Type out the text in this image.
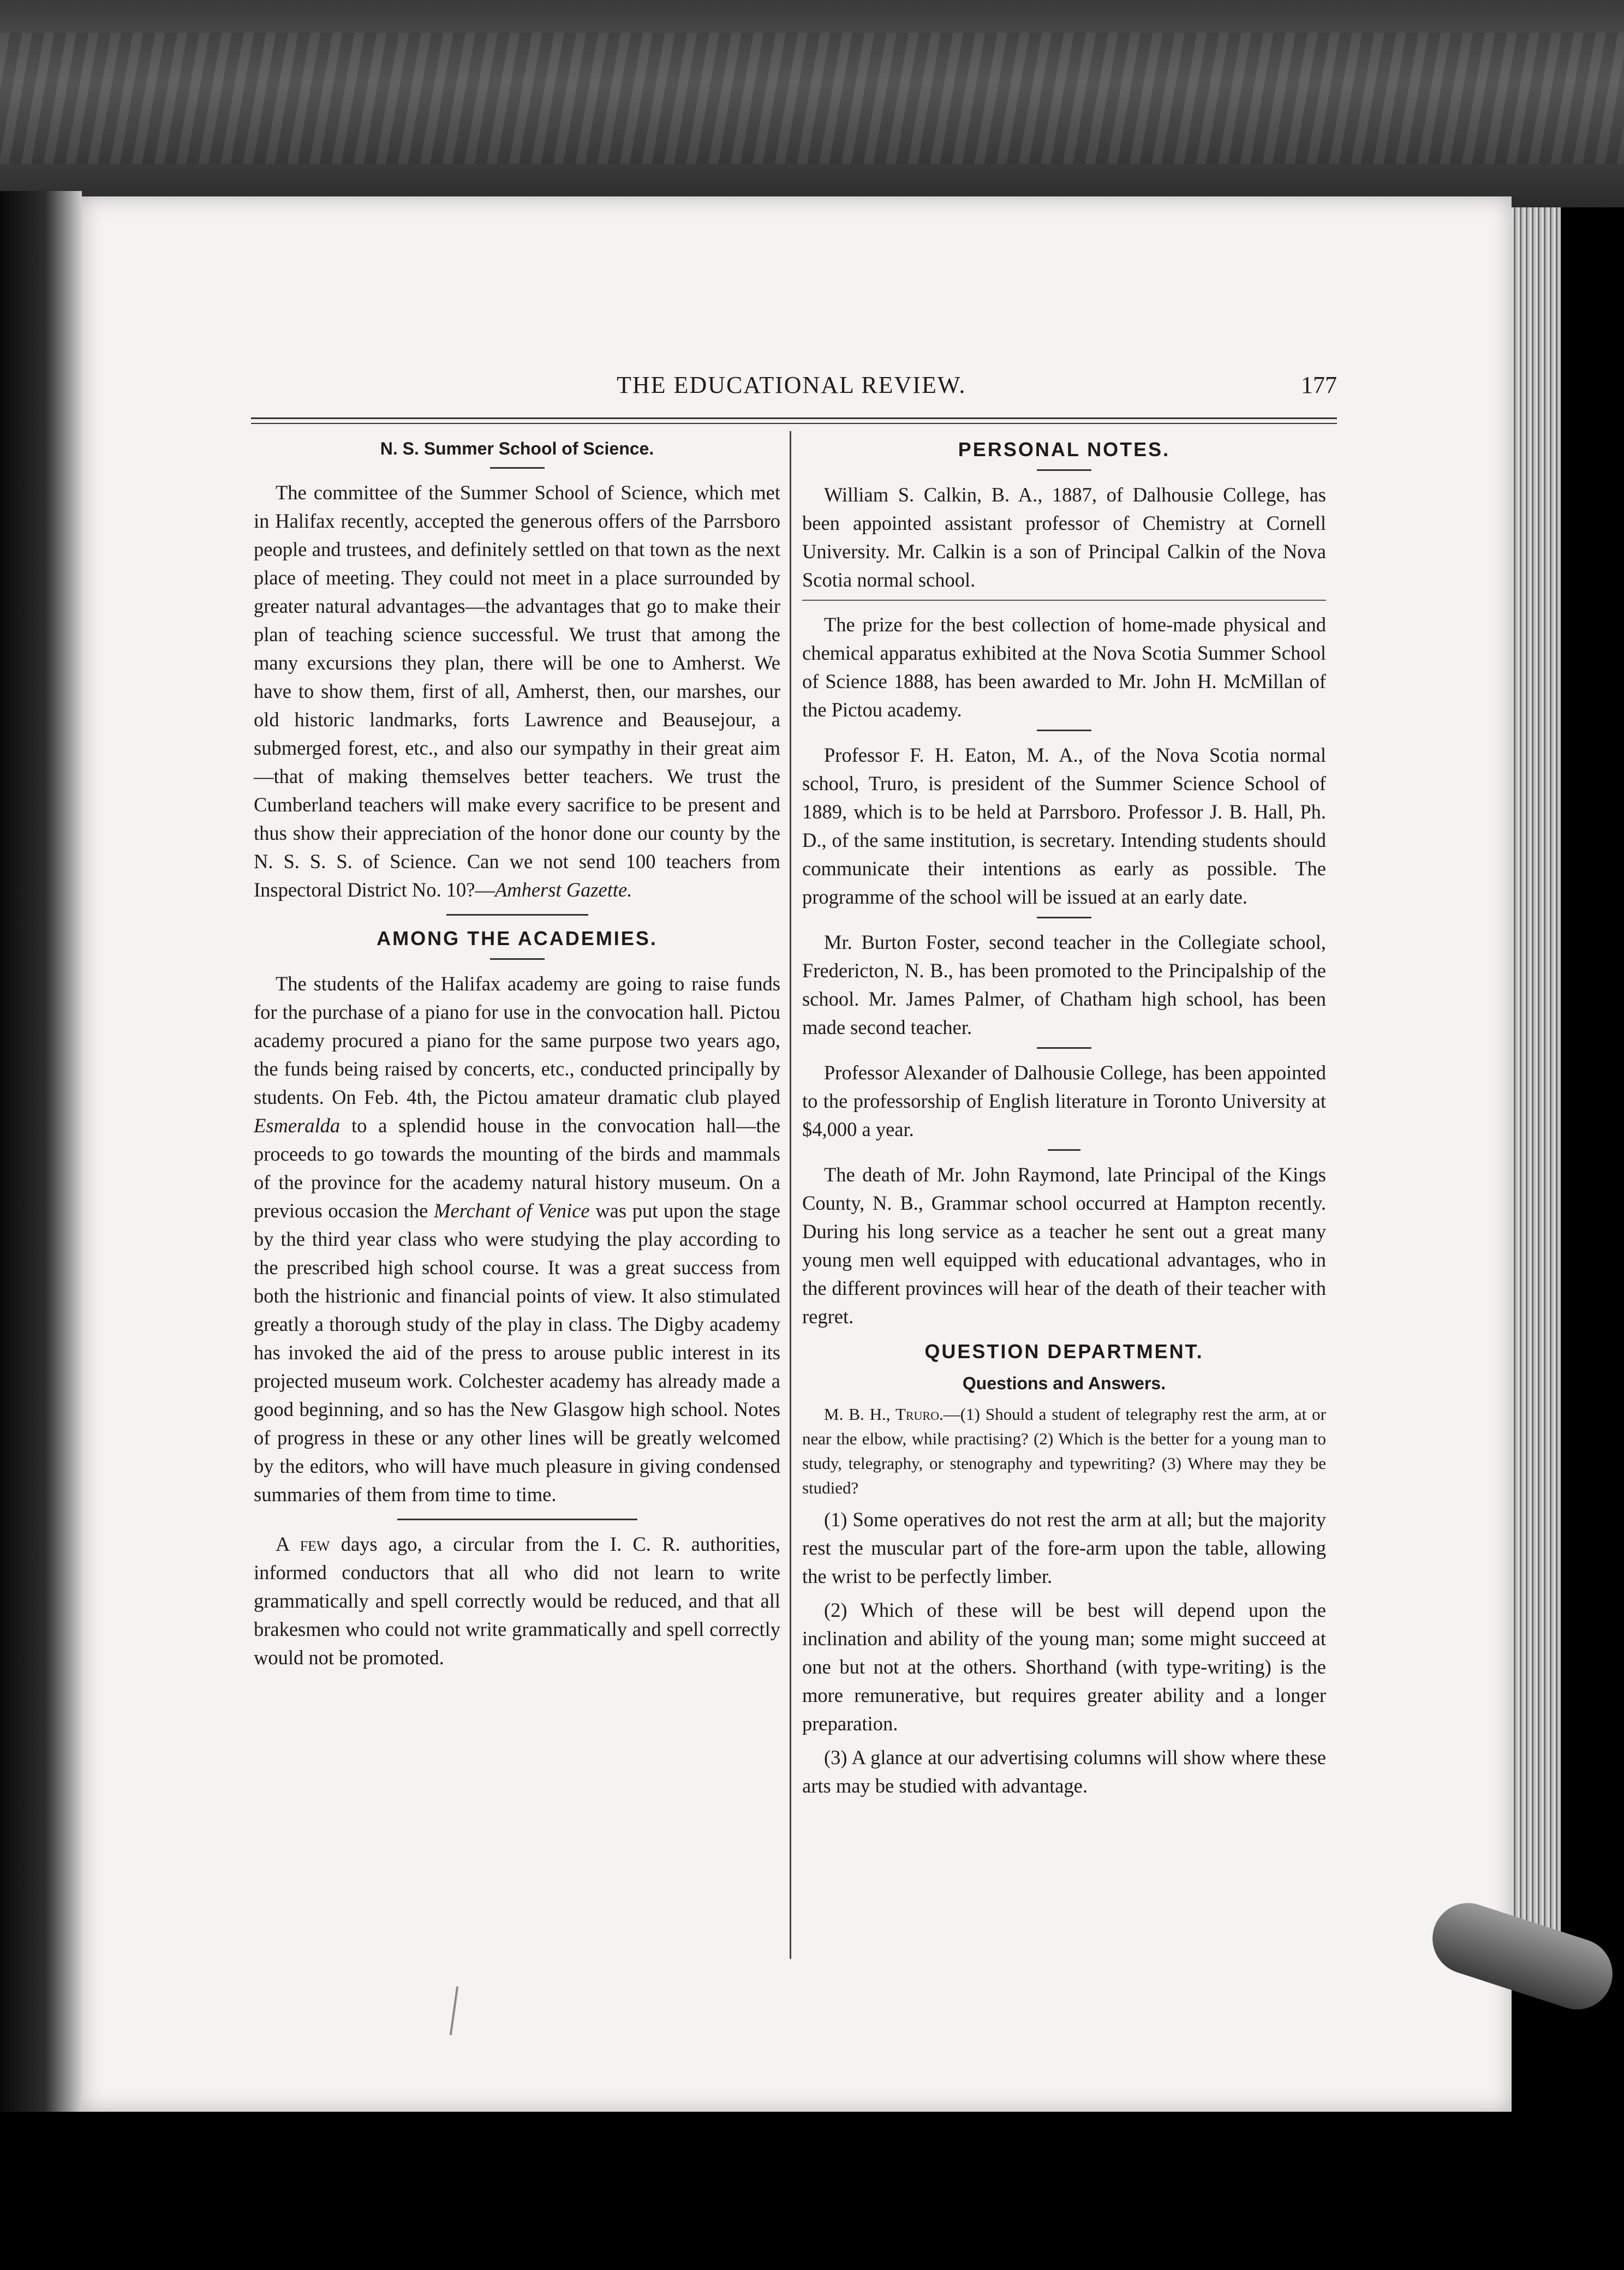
THE EDUCATIONAL REVIEW.	177
N. S. Summer School of Science.

The committee of the Summer School of Science, which met in Halifax recently, accepted the generous offers of the Parrsboro people and trustees, and definitely settled on that town as the next place of meeting. They could not meet in a place surrounded by greater natural advantages—the advantages that go to make their plan of teaching science successful. We trust that among the many excursions they plan, there will be one to Amherst. We have to show them, first of all, Amherst, then, our marshes, our old historic landmarks, forts Lawrence and Beausejour, a submerged forest, etc., and also our sympathy in their great aim—that of making themselves better teachers. We trust the Cumberland teachers will make every sacrifice to be present and thus show their appreciation of the honor done our county by the N. S. S. S. of Science. Can we not send 100 teachers from Inspectoral District No. 10?—Amherst Gazette.

AMONG THE ACADEMIES.

The students of the Halifax academy are going to raise funds for the purchase of a piano for use in the convocation hall. Pictou academy procured a piano for the same purpose two years ago, the funds being raised by concerts, etc., conducted principally by students. On Feb. 4th, the Pictou amateur dramatic club played Esmeralda to a splendid house in the convocation hall—the proceeds to go towards the mounting of the birds and mammals of the province for the academy natural history museum. On a previous occasion the Merchant of Venice was put upon the stage by the third year class who were studying the play according to the prescribed high school course. It was a great success from both the histrionic and financial points of view. It also stimulated greatly a thorough study of the play in class. The Digby academy has invoked the aid of the press to arouse public interest in its projected museum work. Colchester academy has already made a good beginning, and so has the New Glasgow high school. Notes of progress in these or any other lines will be greatly welcomed by the editors, who will have much pleasure in giving condensed summaries of them from time to time.

A few days ago, a circular from the I. C. R. authorities, informed conductors that all who did not learn to write grammatically and spell correctly would be reduced, and that all brakesmen who could not write grammatically and spell correctly would not be promoted.

PERSONAL NOTES.

William S. Calkin, B. A., 1887, of Dalhousie College, has been appointed assistant professor of Chemistry at Cornell University. Mr. Calkin is a son of Principal Calkin of the Nova Scotia normal school.

The prize for the best collection of home-made physical and chemical apparatus exhibited at the Nova Scotia Summer School of Science 1888, has been awarded to Mr. John H. McMillan of the Pictou academy.

Professor F. H. Eaton, M. A., of the Nova Scotia normal school, Truro, is president of the Summer Science School of 1889, which is to be held at Parrsboro. Professor J. B. Hall, Ph. D., of the same institution, is secretary. Intending students should communicate their intentions as early as possible. The programme of the school will be issued at an early date.

Mr. Burton Foster, second teacher in the Collegiate school, Fredericton, N. B., has been promoted to the Principalship of the school. Mr. James Palmer, of Chatham high school, has been made second teacher.

Professor Alexander of Dalhousie College, has been appointed to the professorship of English literature in Toronto University at $4,000 a year.

The death of Mr. John Raymond, late Principal of the Kings County, N. B., Grammar school occurred at Hampton recently. During his long service as a teacher he sent out a great many young men well equipped with educational advantages, who in the different provinces will hear of the death of their teacher with regret.

QUESTION DEPARTMENT.
Questions and Answers.

M. B. H., Truro.—(1) Should a student of telegraphy rest the arm, at or near the elbow, while practising? (2) Which is the better for a young man to study, telegraphy, or stenography and typewriting? (3) Where may they be studied?

(1) Some operatives do not rest the arm at all; but the majority rest the muscular part of the fore-arm upon the table, allowing the wrist to be perfectly limber.

(2) Which of these will be best will depend upon the inclination and ability of the young man; some might succeed at one but not at the others. Shorthand (with type-writing) is the more remunerative, but requires greater ability and a longer preparation.

(3) A glance at our advertising columns will show where these arts may be studied with advantage.
